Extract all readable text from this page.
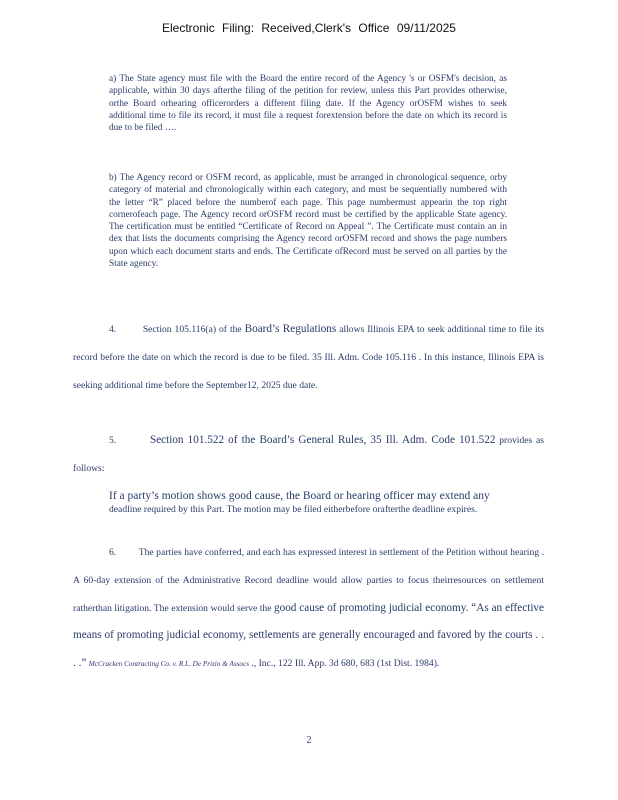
Electronic Filing: Received,Clerk's Office 09/11/2025
a) The State agency must file with the Board the entire record of the Agency 's or OSFM's decision, as applicable, within 30 days afterthe filing of the petition for review, unless this Part provides otherwise, orthe Board orhearing officerorders a different filing date. If the Agency orOSFM wishes to seek additional time to file its record, it must file a request forextension before the date on which its record is due to be filed ….
b) The Agency record or OSFM record, as applicable, must be arranged in chronological sequence, orby category of material and chronologically within each category, and must be sequentially numbered with the letter “R” placed before the numberof each page. This page numbermust appearin the top right cornerofeach page. The Agency record orOSFM record must be certified by the applicable State agency. The certification must be entitled “Certificate of Record on Appeal ”. The Certificate must contain an in dex that lists the documents comprising the Agency record orOSFM record and shows the page numbers upon which each document starts and ends. The Certificate ofRecord must be served on all parties by the State agency.
4.	Section 105.116(a) of the Board’s Regulations allows Illinois EPA to seek additional time to file its record before the date on which the record is due to be filed. 35 Ill. Adm. Code 105.116 . In this instance, Illinois EPA is seeking additional time before the September12, 2025 due date.
5.	Section 101.522 of the Board’s General Rules, 35 Ill. Adm. Code 101.522 provides as follows:
If a party’s motion shows good cause, the Board or hearing officer may extend any deadline required by this Part. The motion may be filed eitherbefore orafterthe deadline expires.
6. The parties have conferred, and each has expressed interest in settlement of the Petition without hearing . A 60-day extension of the Administrative Record deadline would allow parties to focus theirresources on settlement ratherthan litigation. The extension would serve the good cause of promoting judicial economy. “As an effective means of promoting judicial economy, settlements are generally encouraged and favored by the courts . . . .” McCracken Contracting Co. v. R.L. De Prizio & Assocs ., Inc., 122 Ill. App. 3d 680, 683 (1st Dist. 1984).
2
